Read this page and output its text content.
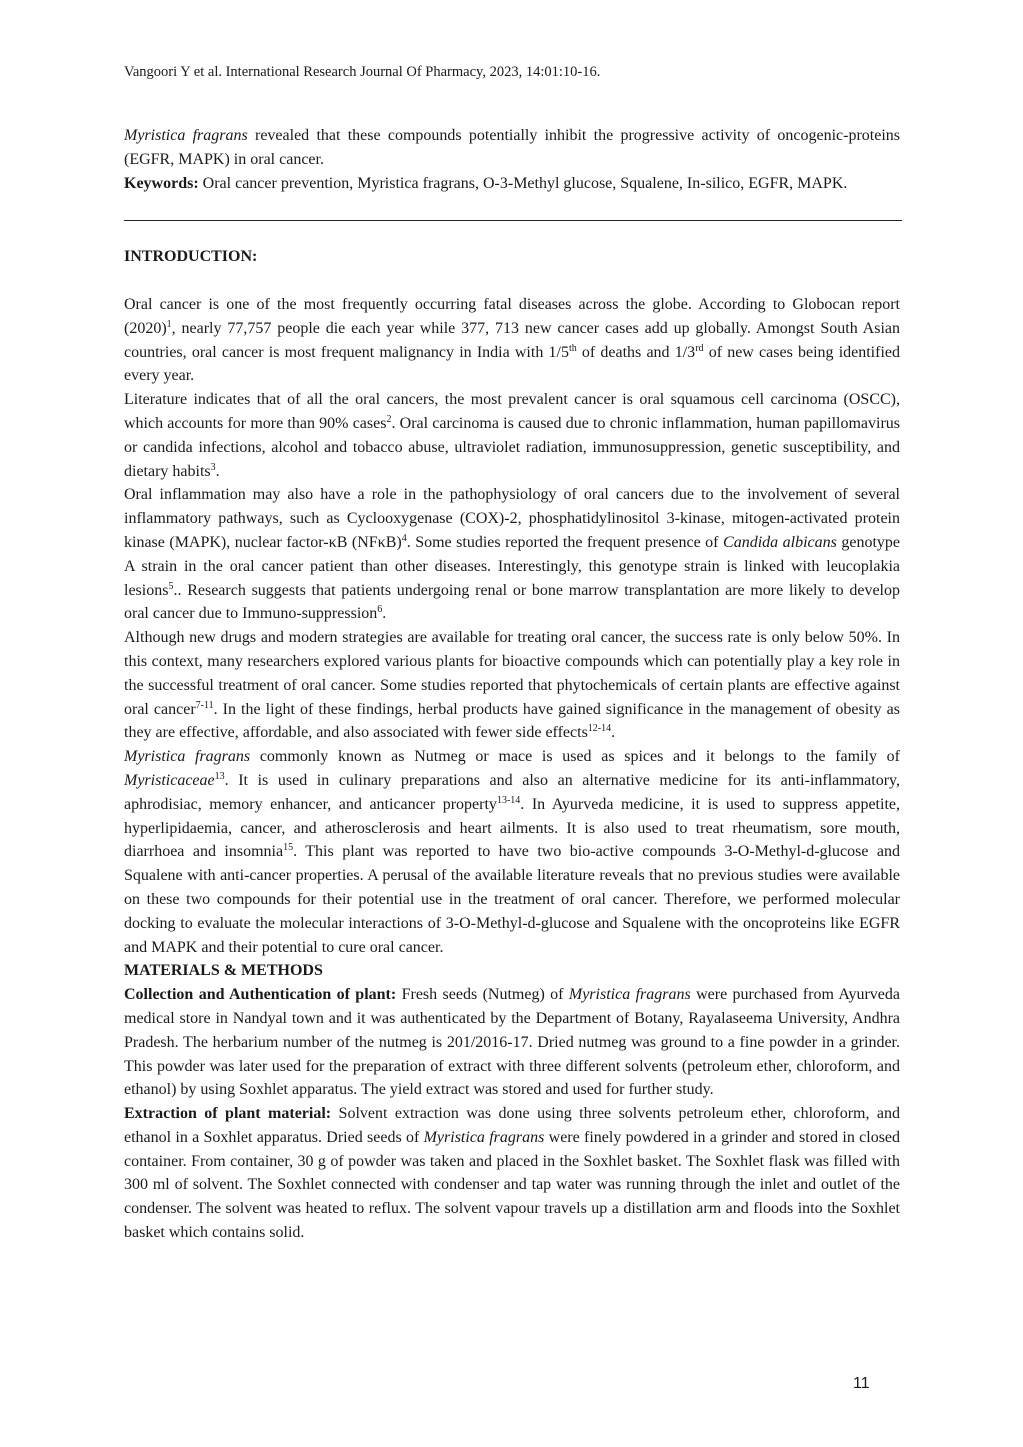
Vangoori Y et al. International Research Journal Of Pharmacy, 2023, 14:01:10-16.
Myristica fragrans revealed that these compounds potentially inhibit the progressive activity of oncogenic-proteins (EGFR, MAPK) in oral cancer.
Keywords: Oral cancer prevention, Myristica fragrans, O-3-Methyl glucose, Squalene, In-silico, EGFR, MAPK.
INTRODUCTION:

Oral cancer is one of the most frequently occurring fatal diseases across the globe. According to Globocan report $(2020)^1$, nearly 77,757 people die each year while 377, 713 new cancer cases add up globally. Amongst South Asian countries, oral cancer is most frequent malignancy in India with 1/5th of deaths and 1/3rd of new cases being identified every year.

Literature indicates that of all the oral cancers, the most prevalent cancer is oral squamous cell carcinoma (OSCC), which accounts for more than 90% cases$^2$. Oral carcinoma is caused due to chronic inflammation, human papillomavirus or candida infections, alcohol and tobacco abuse, ultraviolet radiation, immunosuppression, genetic susceptibility, and dietary habits$^3$.

Oral inflammation may also have a role in the pathophysiology of oral cancers due to the involvement of several inflammatory pathways, such as Cyclooxygenase (COX)-2, phosphatidylinositol 3-kinase, mitogen-activated protein kinase (MAPK), nuclear factor-κB $(NF\kappa B)^4$. Some studies reported the frequent presence of Candida albicans genotype A strain in the oral cancer patient than other diseases. Interestingly, this genotype strain is linked with leucoplakia lesions$^5$.. Research suggests that patients undergoing renal or bone marrow transplantation are more likely to develop oral cancer due to Immuno-suppression$^6$.

Although new drugs and modern strategies are available for treating oral cancer, the success rate is only below 50%. In this context, many researchers explored various plants for bioactive compounds which can potentially play a key role in the successful treatment of oral cancer. Some studies reported that phytochemicals of certain plants are effective against oral cancer$^{7-11}$. In the light of these findings, herbal products have gained significance in the management of obesity as they are effective, affordable, and also associated with fewer side effects$^{12-14}$.

Myristica fragrans commonly known as Nutmeg or mace is used as spices and it belongs to the family of Myristicaceae$^{13}$. It is used in culinary preparations and also an alternative medicine for its anti-inflammatory, aphrodisiac, memory enhancer, and anticancer property$^{13-14}$. In Ayurveda medicine, it is used to suppress appetite, hyperlipidaemia, cancer, and atherosclerosis and heart ailments. It is also used to treat rheumatism, sore mouth, diarrhoea and insomnia$^{15}$. This plant was reported to have two bio-active compounds 3-O-Methyl-d-glucose and Squalene with anti-cancer properties. A perusal of the available literature reveals that no previous studies were available on these two compounds for their potential use in the treatment of oral cancer. Therefore, we performed molecular docking to evaluate the molecular interactions of 3-O-Methyl-d-glucose and Squalene with the oncoproteins like EGFR and MAPK and their potential to cure oral cancer.

MATERIALS & METHODS

Collection and Authentication of plant: Fresh seeds (Nutmeg) of Myristica fragrans were purchased from Ayurveda medical store in Nandyal town and it was authenticated by the Department of Botany, Rayalaseema University, Andhra Pradesh. The herbarium number of the nutmeg is 201/2016-17. Dried nutmeg was ground to a fine powder in a grinder. This powder was later used for the preparation of extract with three different solvents (petroleum ether, chloroform, and ethanol) by using Soxhlet apparatus. The yield extract was stored and used for further study.

Extraction of plant material: Solvent extraction was done using three solvents petroleum ether, chloroform, and ethanol in a Soxhlet apparatus. Dried seeds of Myristica fragrans were finely powdered in a grinder and stored in closed container. From container, 30 g of powder was taken and placed in the Soxhlet basket. The Soxhlet flask was filled with 300 ml of solvent. The Soxhlet connected with condenser and tap water was running through the inlet and outlet of the condenser. The solvent was heated to reflux. The solvent vapour travels up a distillation arm and floods into the Soxhlet basket which contains solid.

11
